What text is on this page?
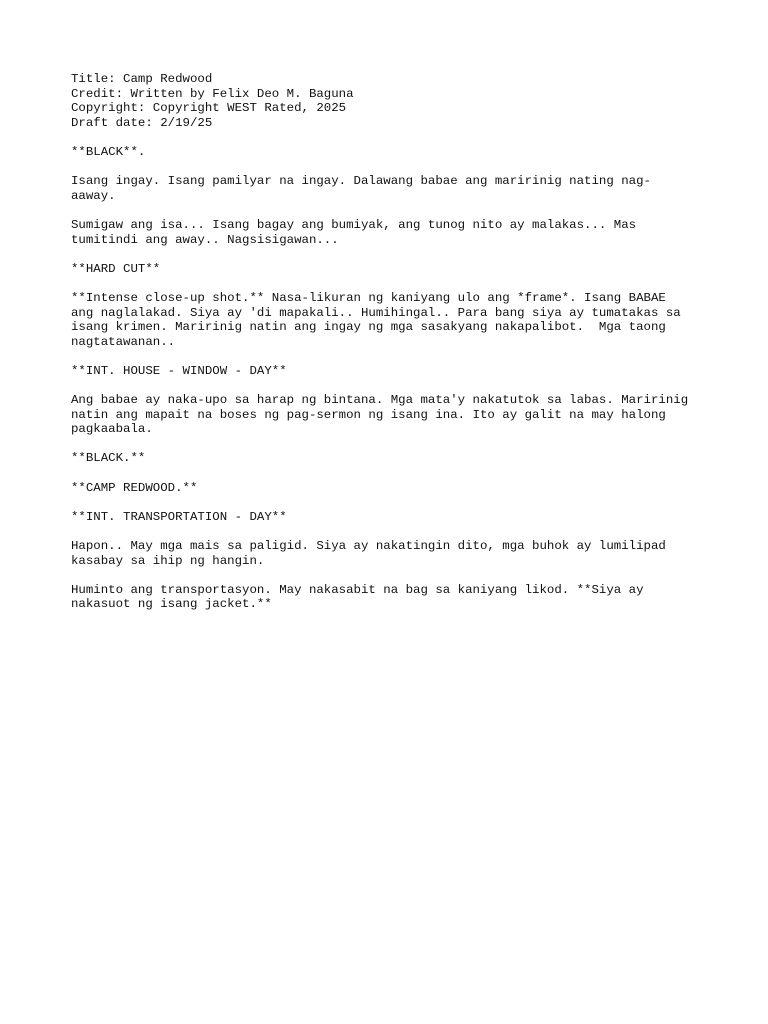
Title: Camp Redwood
Credit: Written by Felix Deo M. Baguna
Copyright: Copyright WEST Rated, 2025
Draft date: 2/19/25
**BLACK**.
Isang ingay. Isang pamilyar na ingay. Dalawang babae ang maririnig nating nag-
aaway.
Sumigaw ang isa... Isang bagay ang bumiyak, ang tunog nito ay malakas... Mas
tumitindi ang away.. Nagsisigawan...
**HARD CUT**
**Intense close-up shot.** Nasa-likuran ng kaniyang ulo ang *frame*. Isang BABAE
ang naglalakad. Siya ay 'di mapakali.. Humihingal.. Para bang siya ay tumatakas sa
isang krimen. Maririnig natin ang ingay ng mga sasakyang nakapalibot.  Mga taong
nagtatawanan..
**INT. HOUSE - WINDOW - DAY**
Ang babae ay naka-upo sa harap ng bintana. Mga mata'y nakatutok sa labas. Maririnig
natin ang mapait na boses ng pag-sermon ng isang ina. Ito ay galit na may halong
pagkaabala.
**BLACK.**
**CAMP REDWOOD.**
**INT. TRANSPORTATION - DAY**
Hapon.. May mga mais sa paligid. Siya ay nakatingin dito, mga buhok ay lumilipad
kasabay sa ihip ng hangin.
Huminto ang transportasyon. May nakasabit na bag sa kaniyang likod. **Siya ay
nakasuot ng isang jacket.**
